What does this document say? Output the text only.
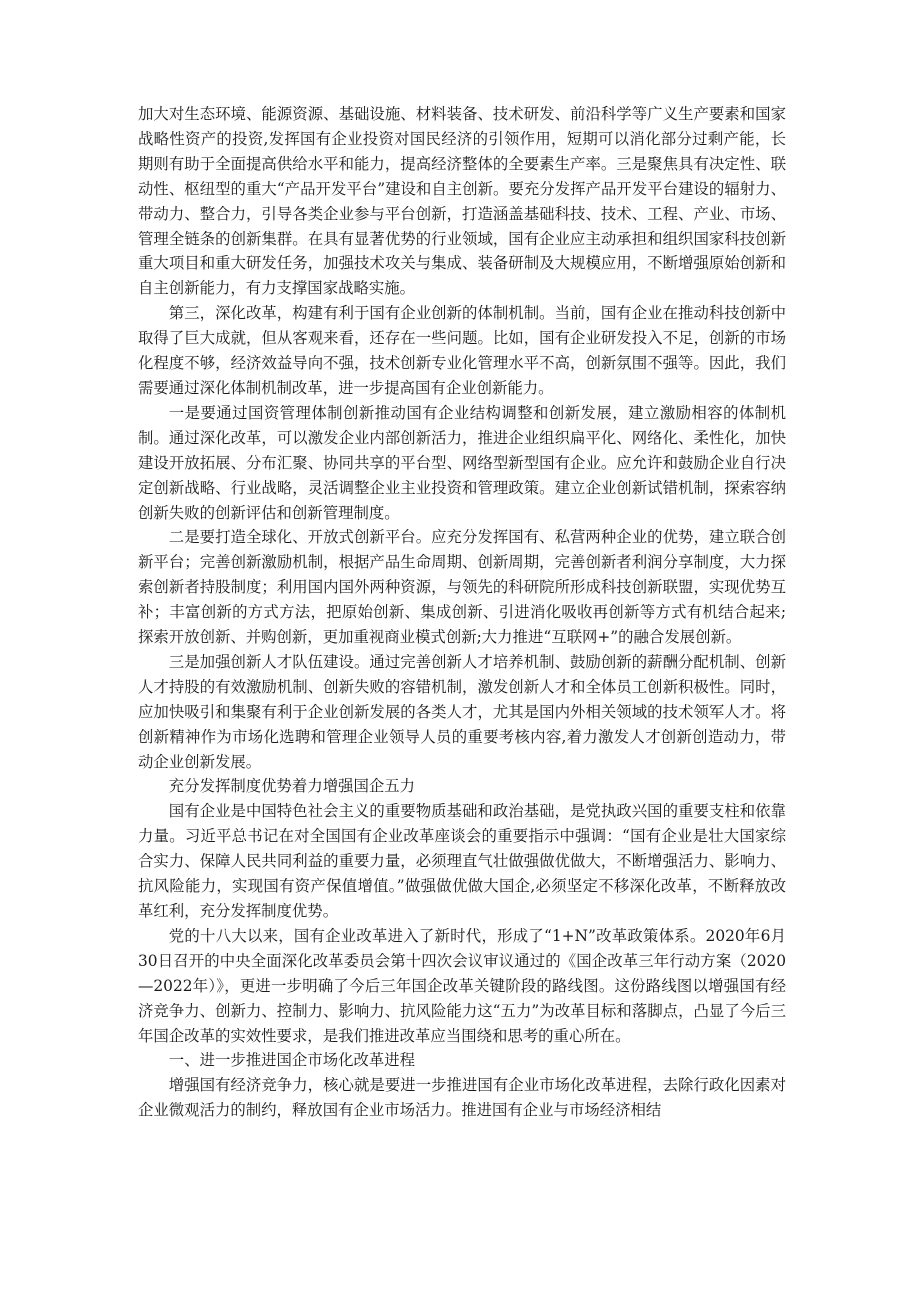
加大对生态环境、能源资源、基础设施、材料装备、技术研发、前沿科学等广义生产要素和国家战略性资产的投资,发挥国有企业投资对国民经济的引领作用，短期可以消化部分过剩产能，长期则有助于全面提高供给水平和能力，提高经济整体的全要素生产率。三是聚焦具有决定性、联动性、枢纽型的重大“产品开发平台”建设和自主创新。要充分发挥产品开发平台建设的辐射力、带动力、整合力，引导各类企业参与平台创新，打造涵盖基础科技、技术、工程、产业、市场、管理全链条的创新集群。在具有显著优势的行业领域，国有企业应主动承担和组织国家科技创新重大项目和重大研发任务，加强技术攻关与集成、装备研制及大规模应用，不断增强原始创新和自主创新能力，有力支撑国家战略实施。

第三，深化改革，构建有利于国有企业创新的体制机制。当前，国有企业在推动科技创新中取得了巨大成就，但从客观来看，还存在一些问题。比如，国有企业研发投入不足，创新的市场化程度不够，经济效益导向不强，技术创新专业化管理水平不高，创新氛围不强等。因此，我们需要通过深化体制机制改革，进一步提高国有企业创新能力。

一是要通过国资管理体制创新推动国有企业结构调整和创新发展，建立激励相容的体制机制。通过深化改革，可以激发企业内部创新活力，推进企业组织扁平化、网络化、柔性化，加快建设开放拓展、分布汇聚、协同共享的平台型、网络型新型国有企业。应允许和鼓励企业自行决定创新战略、行业战略，灵活调整企业主业投资和管理政策。建立企业创新试错机制，探索容纳创新失败的创新评估和创新管理制度。

二是要打造全球化、开放式创新平台。应充分发挥国有、私营两种企业的优势，建立联合创新平台；完善创新激励机制，根据产品生命周期、创新周期，完善创新者利润分享制度，大力探索创新者持股制度；利用国内国外两种资源，与领先的科研院所形成科技创新联盟，实现优势互补；丰富创新的方式方法，把原始创新、集成创新、引进消化吸收再创新等方式有机结合起来;探索开放创新、并购创新，更加重视商业模式创新;大力推进“互联网+”的融合发展创新。

三是加强创新人才队伍建设。通过完善创新人才培养机制、鼓励创新的薪酬分配机制、创新人才持股的有效激励机制、创新失败的容错机制，激发创新人才和全体员工创新积极性。同时，应加快吸引和集聚有利于企业创新发展的各类人才，尤其是国内外相关领域的技术领军人才。将创新精神作为市场化选聘和管理企业领导人员的重要考核内容,着力激发人才创新创造动力，带动企业创新发展。

充分发挥制度优势着力增强国企五力

国有企业是中国特色社会主义的重要物质基础和政治基础，是党执政兴国的重要支柱和依靠力量。习近平总书记在对全国国有企业改革座谈会的重要指示中强调：“国有企业是壮大国家综合实力、保障人民共同利益的重要力量，必须理直气壮做强做优做大，不断增强活力、影响力、抗风险能力，实现国有资产保值增值。”做强做优做大国企,必须坚定不移深化改革，不断释放改革红利，充分发挥制度优势。

党的十八大以来，国有企业改革进入了新时代，形成了“1+N”改革政策体系。2020年6月30日召开的中央全面深化改革委员会第十四次会议审议通过的《国企改革三年行动方案（2020—2022年）》，更进一步明确了今后三年国企改革关键阶段的路线图。这份路线图以增强国有经济竞争力、创新力、控制力、影响力、抗风险能力这“五力”为改革目标和落脚点，凸显了今后三年国企改革的实效性要求，是我们推进改革应当围绕和思考的重心所在。

一、进一步推进国企市场化改革进程

增强国有经济竞争力，核心就是要进一步推进国有企业市场化改革进程，去除行政化因素对企业微观活力的制约，释放国有企业市场活力。推进国有企业与市场经济相结
